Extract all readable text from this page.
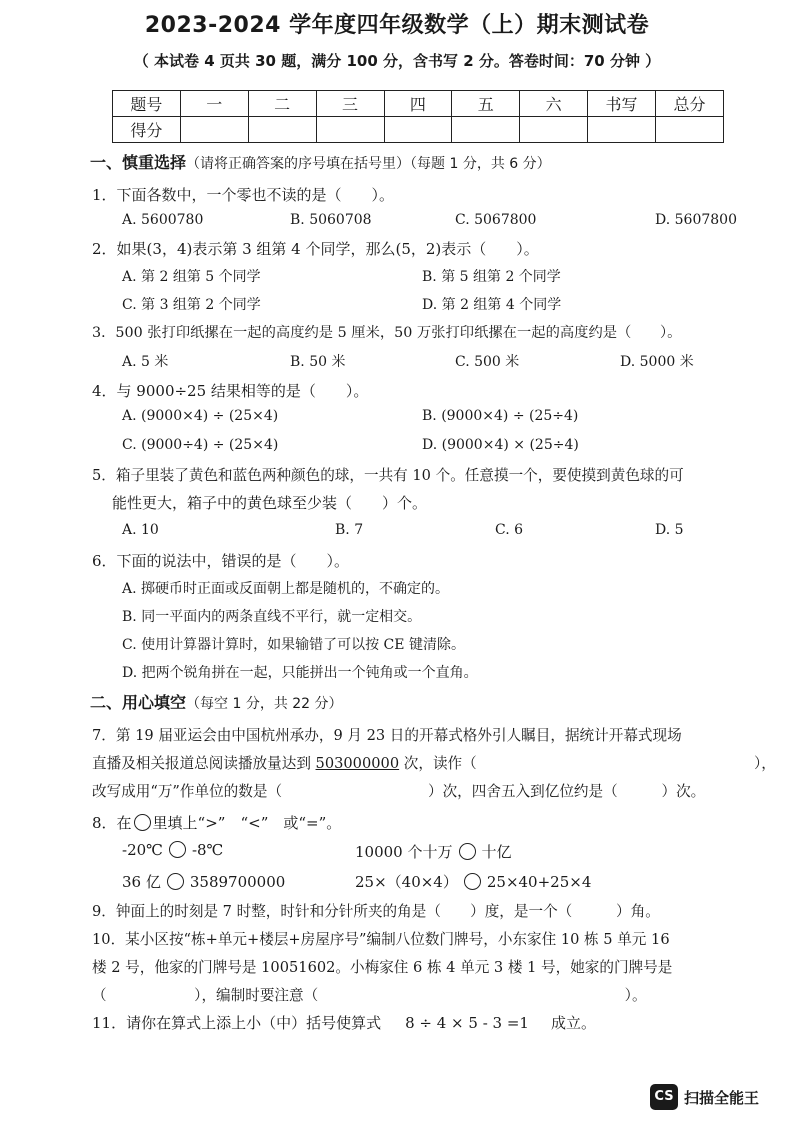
2023-2024 学年度四年级数学（上）期末测试卷
（ 本试卷 4 页共 30 题，满分 100 分，含书写 2 分。答卷时间：70 分钟 ）
题号	一	二	三	四	五	六	书写	总分
得分								
一、慎重选择（请将正确答案的序号填在括号里）（每题 1 分，共 6 分）
1．下面各数中，一个零也不读的是（　　）。
A. 5600780	B. 5060708	C. 5067800	D. 5607800
2．如果(3，4)表示第 3 组第 4 个同学，那么(5，2)表示（　　）。
A. 第 2 组第 5 个同学	B. 第 5 组第 2 个同学
C. 第 3 组第 2 个同学	D. 第 2 组第 4 个同学
3．500 张打印纸摞在一起的高度约是 5 厘米，50 万张打印纸摞在一起的高度约是（　　）。
A. 5 米	B. 50 米	C. 500 米	D. 5000 米
4．与 9000÷25 结果相等的是（　　）。
A. (9000×4) ÷ (25×4)	B. (9000×4) ÷ (25÷4)
C. (9000÷4) ÷ (25×4)	D. (9000×4) × (25÷4)
5．箱子里装了黄色和蓝色两种颜色的球，一共有 10 个。任意摸一个，要使摸到黄色球的可
能性更大，箱子中的黄色球至少装（　　）个。
A. 10	B. 7	C. 6	D. 5
6．下面的说法中，错误的是（　　）。
A. 掷硬币时正面或反面朝上都是随机的，不确定的。
B. 同一平面内的两条直线不平行，就一定相交。
C. 使用计算器计算时，如果输错了可以按 CE 键清除。
D. 把两个锐角拼在一起，只能拼出一个钝角或一个直角。
二、用心填空（每空 1 分，共 22 分）
7．第 19 届亚运会由中国杭州承办，9 月 23 日的开幕式格外引人瞩目，据统计开幕式现场
直播及相关报道总阅读播放量达到 503000000 次，读作（　　　　　　　　　　　　　　　　　　　），
改写成用“万”作单位的数是（　　　　　　　　　　）次，四舍五入到亿位约是（　　　）次。
8．在 里填上“>”　“<”　或“=”。
-20℃ -8℃	10000 个十万 十亿
36 亿 3589700000	25×（40×4） 25×40+25×4
9．钟面上的时刻是 7 时整，时针和分针所夹的角是（　　）度，是一个（　　　）角。
10．某小区按“栋+单元+楼层+房屋序号”编制八位数门牌号，小东家住 10 栋 5 单元 16
楼 2 号，他家的门牌号是 10051602。小梅家住 6 栋 4 单元 3 楼 1 号，她家的门牌号是
（　　　　　　），编制时要注意（　　　　　　　　　　　　　　　　　　　　　）。
11．请你在算式上添上小（中）括号使算式 8 ÷ 4 × 5 - 3 =1 成立。
CS 扫描全能王
